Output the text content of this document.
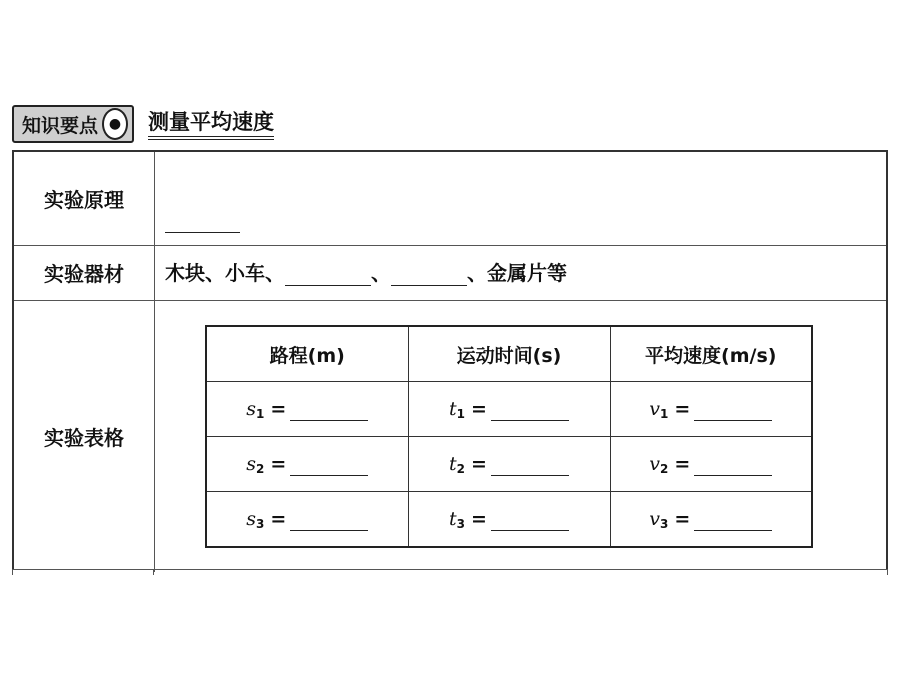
知识要点 ●	测量平均速度
实验原理
实验器材	木块、小车、	、	、金属片等
实验表格
路程(m)	运动时间(s)	平均速度(m/s)
$s_1$ =	$t_1$ =	$v_1$ =
$s_2$ =	$t_2$ =	$v_2$ =
$s_3$ =	$t_3$ =	$v_3$ =
